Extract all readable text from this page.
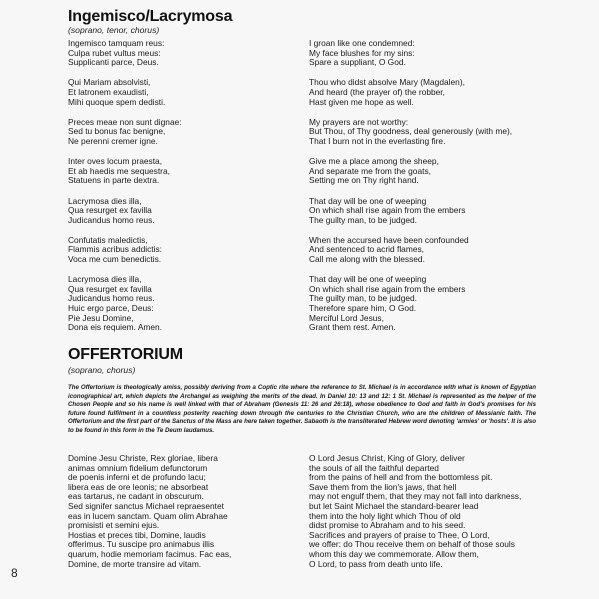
Ingemisco/Lacrymosa

(soprano, tenor, chorus)

Ingemisco tamquam reus:
Culpa rubet vultus meus:
Supplicanti parce, Deus.
Qui Mariam absolvisti,
Et latronem exaudisti,
Mihi quoque spem dedisti.
Preces meae non sunt dignae:
Sed tu bonus fac benigne,
Ne perenni cremer igne.
Inter oves locum praesta,
Et ab haedis me sequestra,
Statuens in parte dextra.
Lacrymosa dies illa,
Qua resurget ex favilla
Judicandus homo reus.
Confutatis maledictis,
Flammis acribus addictis:
Voca me cum benedictis.
Lacrymosa dies illa,
Qua resurget ex favilla
Judicandus homo reus.
Huic ergo parce, Deus:
Pie Jesu Domine,
Dona eis requiem. Amen.
I groan like one condemned:
My face blushes for my sins:
Spare a suppliant, O God.
Thou who didst absolve Mary (Magdalen),
And heard (the prayer of) the robber,
Hast given me hope as well.
My prayers are not worthy:
But Thou, of Thy goodness, deal generously (with me),
That I burn not in the everlasting fire.
Give me a place among the sheep,
And separate me from the goats,
Setting me on Thy right hand.
That day will be one of weeping
On which shall rise again from the embers
The guilty man, to be judged.
When the accursed have been confounded
And sentenced to acrid flames,
Call me along with the blessed.
That day will be one of weeping
On which shall rise again from the embers
The guilty man, to be judged.
Therefore spare him, O God.
Merciful Lord Jesus,
Grant them rest. Amen.
OFFERTORIUM

(soprano, chorus)

The Offertorium is theologically amiss, possibly deriving from a Coptic rite where the reference to St. Michael is in accordance with what is known of Egyptian iconographical art, which depicts the Archangel as weighing the merits of the dead. In Daniel 10: 13 and 12: 1 St. Michael is represented as the helper of the Chosen People and so his name is well linked with that of Abraham (Genesis 11: 26 and 26:18), whose obedience to God and faith in God's promises for his future found fulfilment in a countless posterity reaching down through the centuries to the Christian Church, who are the children of Messianic faith. The Offertorium and the first part of the Sanctus of the Mass are here taken together. Sabaoth is the transliterated Hebrew word denoting 'armies' or 'hosts'. It is also to be found in this form in the Te Deum laudamus.

Domine Jesu Christe, Rex gloriae, libera
animas omnium fidelium defunctorum
de poenis inferni et de profundo lacu;
libera eas de ore leonis; ne absorbeat
eas tartarus, ne cadant in obscurum.
Sed signifer sanctus Michael repraesentet
eas in lucem sanctam. Quam olim Abrahae
promisisti et semini ejus.
Hostias et preces tibi, Domine, laudis
offerimus. Tu suscipe pro animabus illis
quarum, hodie memoriam facimus. Fac eas,
Domine, de morte transire ad vitam.
O Lord Jesus Christ, King of Glory, deliver
the souls of all the faithful departed
from the pains of hell and from the bottomless pit.
Save them from the lion's jaws, that hell
may not engulf them, that they may not fall into darkness,
but let Saint Michael the standard-bearer lead
them into the holy light which Thou of old
didst promise to Abraham and to his seed.
Sacrifices and prayers of praise to Thee, O Lord,
we offer: do Thou receive them on behalf of those souls
whom this day we commemorate. Allow them,
O Lord, to pass from death unto life.
8
